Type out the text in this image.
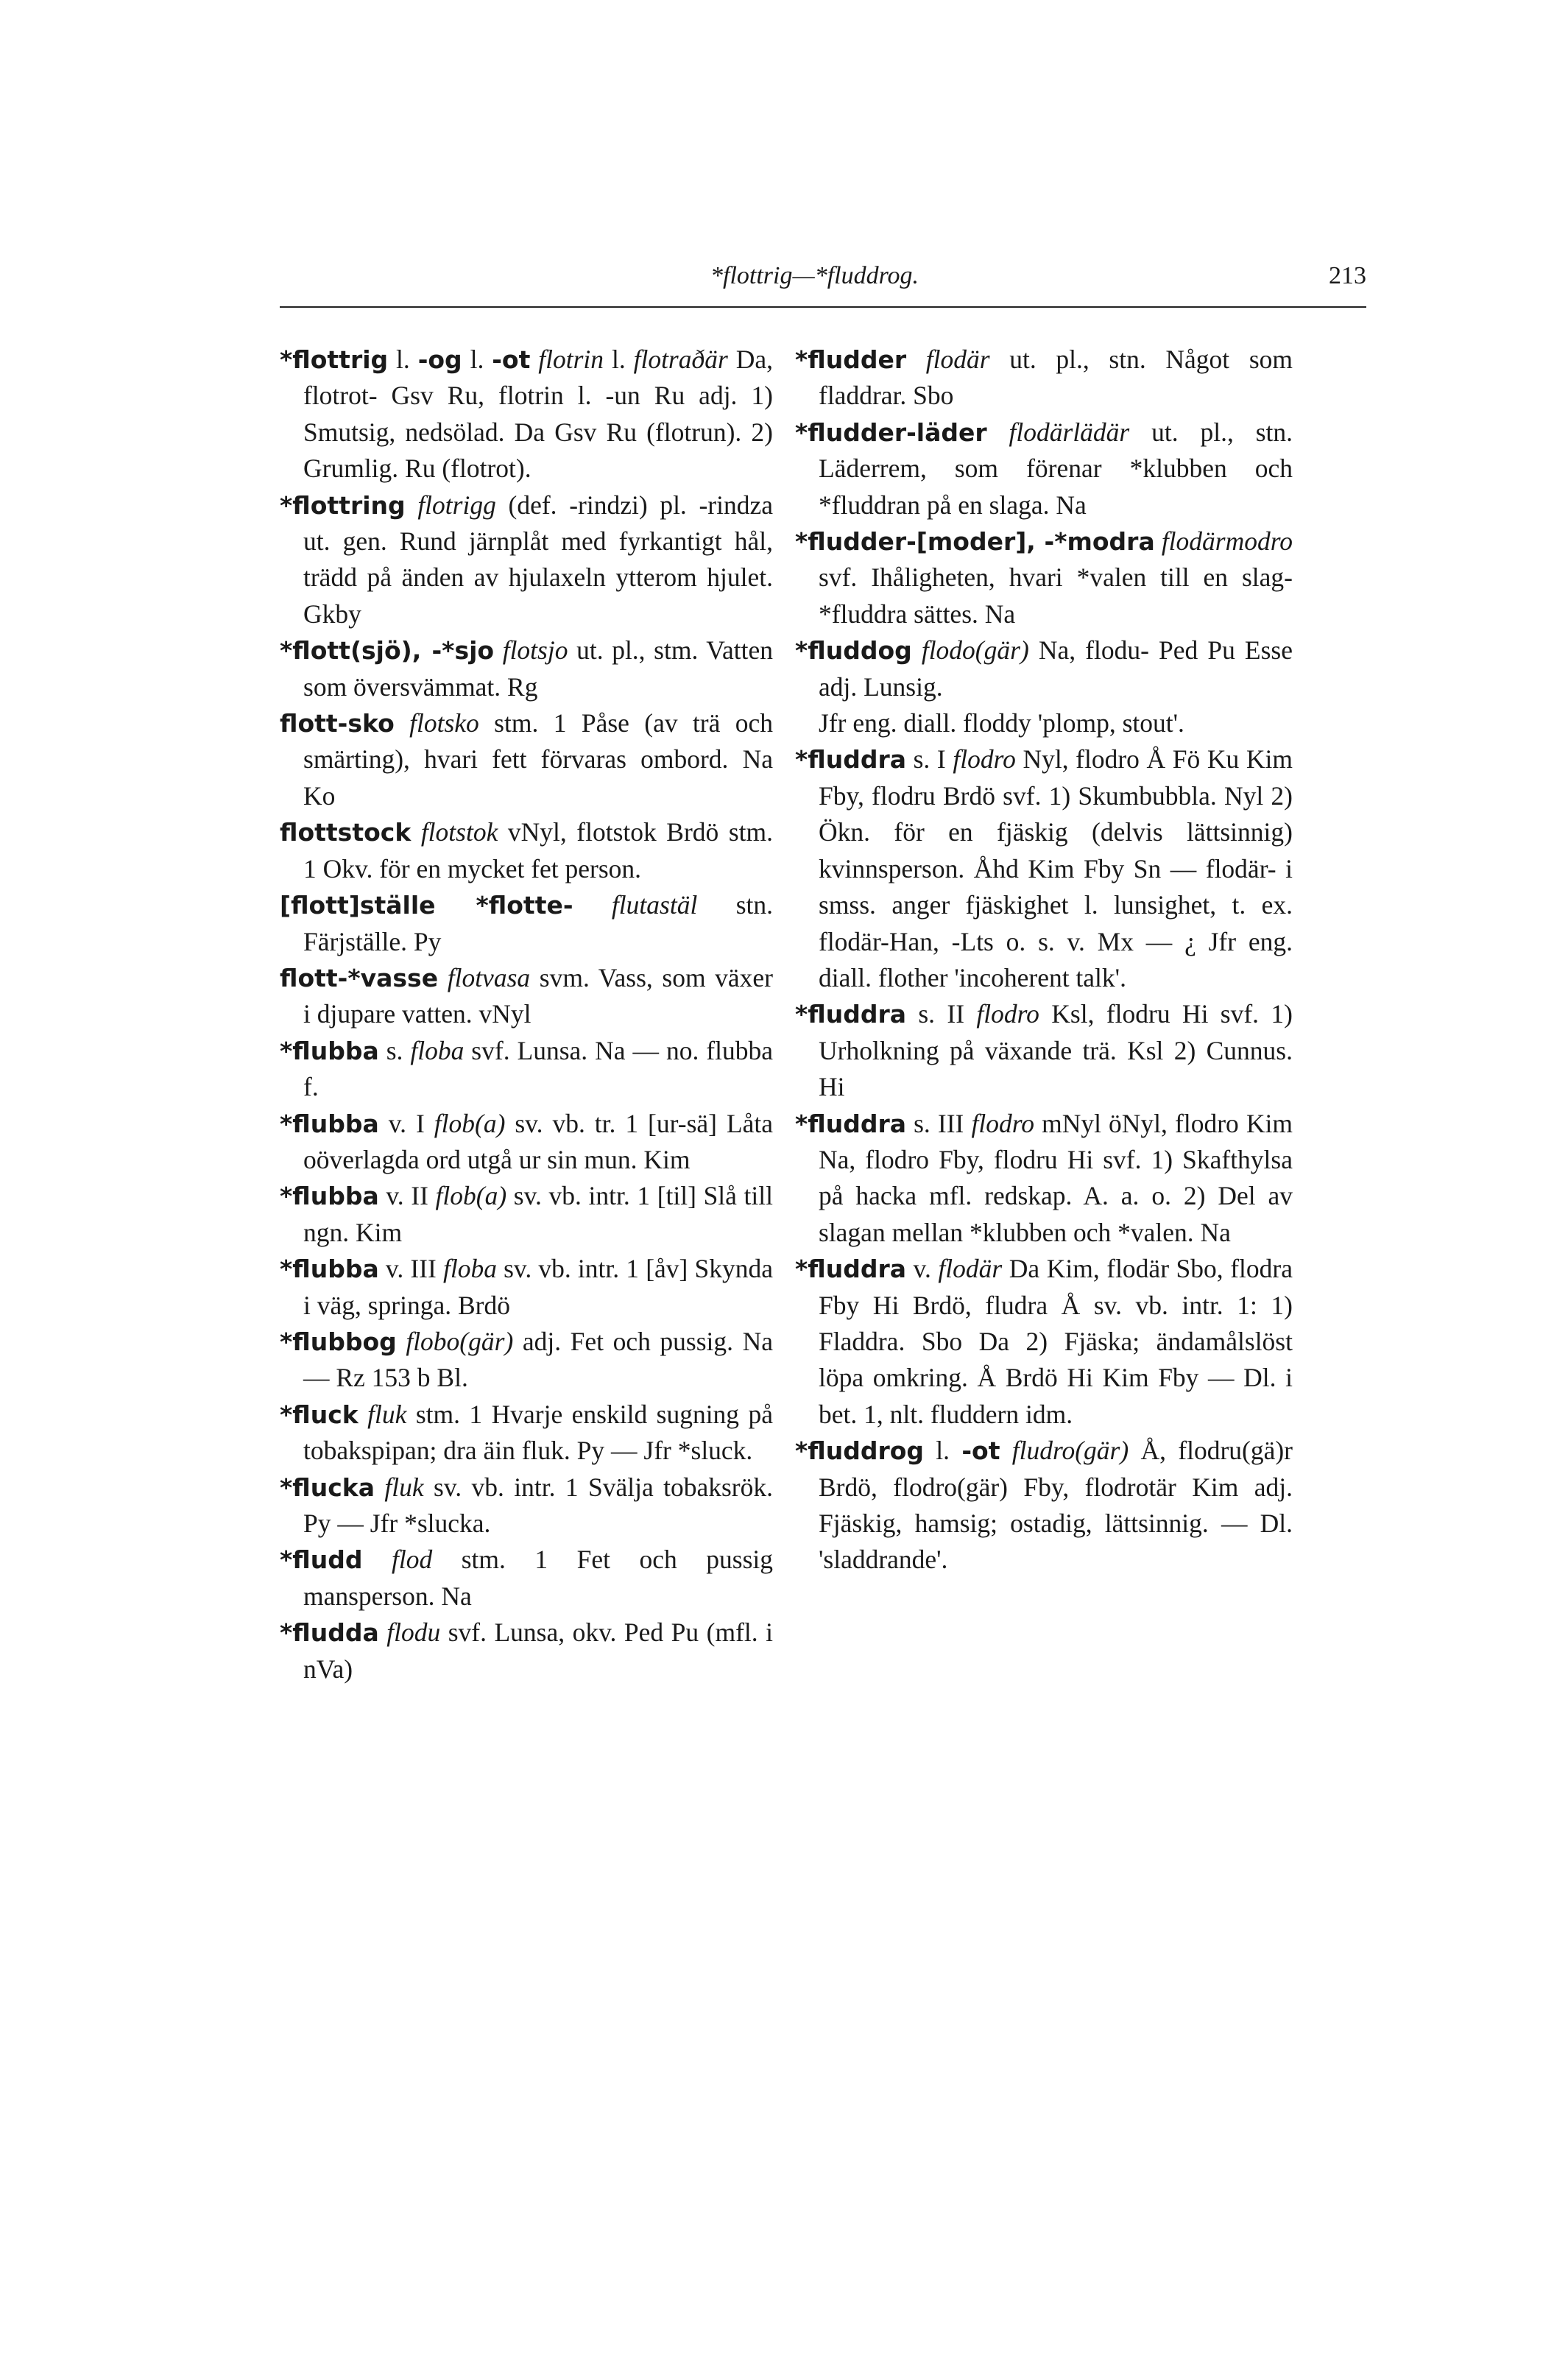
*flottrig—*fluddrog.	213

*flottrig l. -og l. -ot flotrin l. flotraðär Da, flotrot- Gsv Ru, flotrin l. -un Ru adj. 1) Smutsig, nedsölad. Da Gsv Ru (flotrun). 2) Grumlig. Ru (flotrot).

*flottring flotrigg (def. -rindzi) pl. -rindza ut. gen. Rund järnplåt med fyrkantigt hål, trädd på änden av hjulaxeln ytterom hjulet. Gkby

*flott(sjö), -*sjo flotsjo ut. pl., stm. Vatten som översvämmat. Rg

flott-sko flotsko stm. 1 Påse (av trä och smärting), hvari fett förvaras ombord. Na Ko

flottstock flotstok vNyl, flotstok Brdö stm. 1 Okv. för en mycket fet person.

[flott]ställe *flotte- flutastäl stn. Färjställe. Py

flott-*vasse flotvasa svm. Vass, som växer i djupare vatten. vNyl

*flubba s. floba svf. Lunsa. Na — no. flubba f.

*flubba v. I flob(a) sv. vb. tr. 1 [ur-sä] Låta oöverlagda ord utgå ur sin mun. Kim

*flubba v. II flob(a) sv. vb. intr. 1 [til] Slå till ngn. Kim

*flubba v. III floba sv. vb. intr. 1 [åv] Skynda i väg, springa. Brdö

*flubbog flobo(gär) adj. Fet och pussig. Na — Rz 153 b Bl.

*fluck fluk stm. 1 Hvarje enskild sugning på tobakspipan; dra äin fluk. Py — Jfr *sluck.

*flucka fluk sv. vb. intr. 1 Svälja tobaksrök. Py — Jfr *slucka.

*fludd flod stm. 1 Fet och pussig mansperson. Na

*fludda flodu svf. Lunsa, okv. Ped Pu (mfl. i nVa)

*fludder flodär ut. pl., stn. Något som fladdrar. Sbo

*fludder-läder flodärlädär ut. pl., stn. Läderrem, som förenar *klubben och *fluddran på en slaga. Na

*fludder-[moder], -*modra flodärmodro svf. Ihåligheten, hvari *valen till en slag-*fluddra sättes. Na

*fluddog flodo(gär) Na, flodu- Ped Pu Esse adj. Lunsig.

Jfr eng. diall. floddy 'plomp, stout'.

*fluddra s. I flodro Nyl, flodro Å Fö Ku Kim Fby, flodru Brdö svf. 1) Skumbubbla. Nyl 2) Ökn. för en fjäskig (delvis lättsinnig) kvinnsperson. Åhd Kim Fby Sn — flodär- i smss. anger fjäskighet l. lunsighet, t. ex. flodär-Han, -Lts o. s. v. Mx — ¿ Jfr eng. diall. flother 'incoherent talk'.

*fluddra s. II flodro Ksl, flodru Hi svf. 1) Urholkning på växande trä. Ksl 2) Cunnus. Hi

*fluddra s. III flodro mNyl öNyl, flodro Kim Na, flodro Fby, flodru Hi svf. 1) Skafthylsa på hacka mfl. redskap. A. a. o. 2) Del av slagan mellan *klubben och *valen. Na

*fluddra v. flodär Da Kim, flodär Sbo, flodra Fby Hi Brdö, fludra Å sv. vb. intr. 1: 1) Fladdra. Sbo Da 2) Fjäska; ändamålslöst löpa omkring. Å Brdö Hi Kim Fby — Dl. i bet. 1, nlt. fluddern idm.

*fluddrog l. -ot fludro(gär) Å, flodru(gä)r Brdö, flodro(gär) Fby, flodrotär Kim adj. Fjäskig, hamsig; ostadig, lättsinnig. — Dl. 'sladdrande'.
